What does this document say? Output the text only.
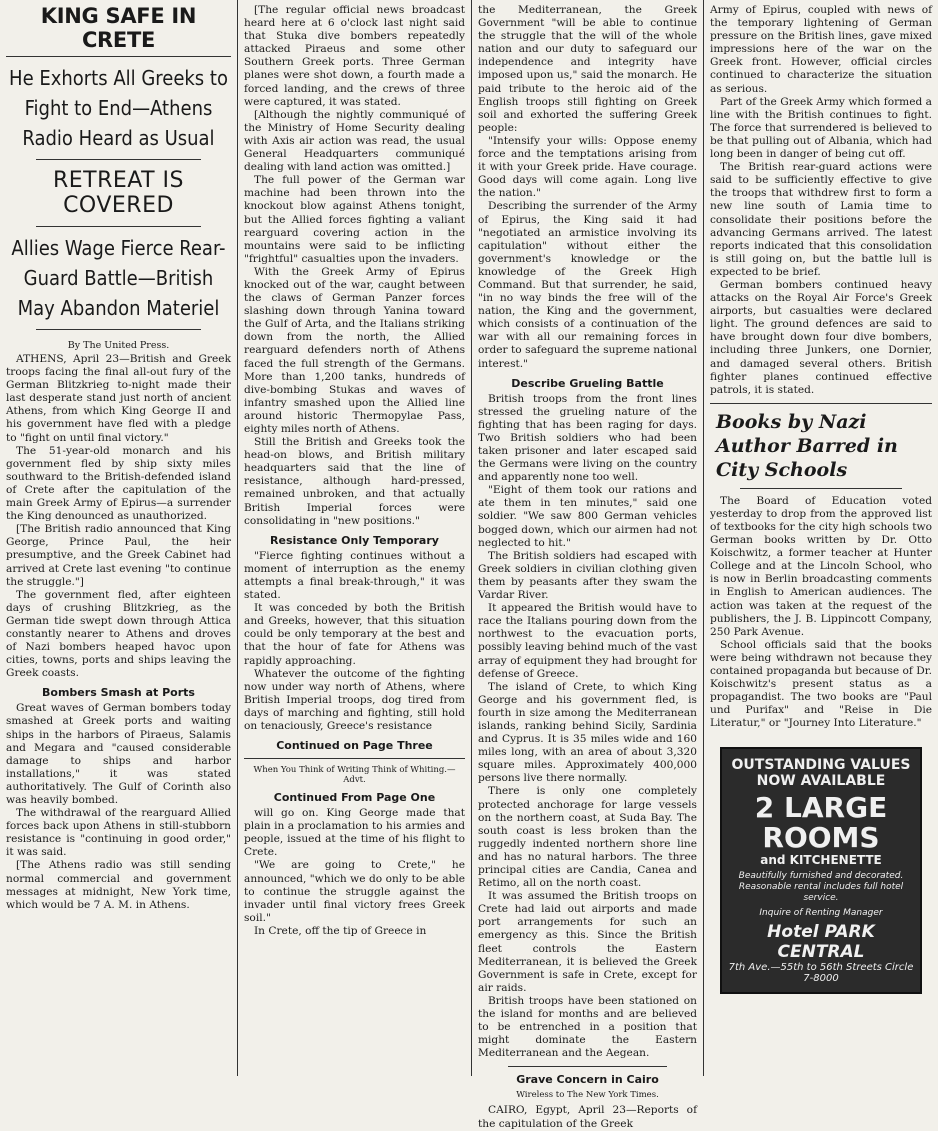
KING SAFE IN CRETE
He Exhorts All Greeks to Fight to End—Athens Radio Heard as Usual
RETREAT IS COVERED
Allies Wage Fierce Rear-Guard Battle—British May Abandon Materiel
By The United Press.

ATHENS, April 23—British and Greek troops facing the final all-out fury of the German Blitzkrieg to-night made their last desperate stand just north of ancient Athens, from which King George II and his government have fled with a pledge to "fight on until final victory."

The 51-year-old monarch and his government fled by ship sixty miles southward to the British-defended island of Crete after the capitulation of the main Greek Army of Epirus—a surrender the King denounced as unauthorized.

[The British radio announced that King George, Prince Paul, the heir presumptive, and the Greek Cabinet had arrived at Crete last evening "to continue the struggle."]

The government fled, after eighteen days of crushing Blitzkrieg, as the German tide swept down through Attica constantly nearer to Athens and droves of Nazi bombers heaped havoc upon cities, towns, ports and ships leaving the Greek coasts.

Bombers Smash at Ports

Great waves of German bombers today smashed at Greek ports and waiting ships in the harbors of Piraeus, Salamis and Megara and "caused considerable damage to ships and harbor installations," it was stated authoritatively. The Gulf of Corinth also was heavily bombed.

The withdrawal of the rearguard Allied forces back upon Athens in still-stubborn resistance is "continuing in good order," it was said.

[The Athens radio was still sending normal commercial and government messages at midnight, New York time, which would be 7 A. M. in Athens.

[The regular official news broadcast heard here at 6 o'clock last night said that Stuka dive bombers repeatedly attacked Piraeus and some other Southern Greek ports. Three German planes were shot down, a fourth made a forced landing, and the crews of three were captured, it was stated.

[Although the nightly communiqué of the Ministry of Home Security dealing with Axis air action was read, the usual General Headquarters communiqué dealing with land action was omitted.]

The full power of the German war machine had been thrown into the knockout blow against Athens tonight, but the Allied forces fighting a valiant rearguard covering action in the mountains were said to be inflicting "frightful" casualties upon the invaders.

With the Greek Army of Epirus knocked out of the war, caught between the claws of German Panzer forces slashing down through Yanina toward the Gulf of Arta, and the Italians striking down from the north, the Allied rearguard defenders north of Athens faced the full strength of the Germans. More than 1,200 tanks, hundreds of dive-bombing Stukas and waves of infantry smashed upon the Allied line around historic Thermopylae Pass, eighty miles north of Athens.

Still the British and Greeks took the head-on blows, and British military headquarters said that the line of resistance, although hard-pressed, remained unbroken, and that actually British Imperial forces were consolidating in "new positions."

Resistance Only Temporary

"Fierce fighting continues without a moment of interruption as the enemy attempts a final break-through," it was stated.

It was conceded by both the British and Greeks, however, that this situation could be only temporary at the best and that the hour of fate for Athens was rapidly approaching.

Whatever the outcome of the fighting now under way north of Athens, where British Imperial troops, dog tired from days of marching and fighting, still hold on tenaciously, Greece's resistance

Continued on Page Three
When You Think of Writing Think of Whiting.—Advt.
Continued From Page One

will go on. King George made that plain in a proclamation to his armies and people, issued at the time of his flight to Crete.

"We are going to Crete," he announced, "which we do only to be able to continue the struggle against the invader until final victory frees Greek soil."

In Crete, off the tip of Greece in

the Mediterranean, the Greek Government "will be able to continue the struggle that the will of the whole nation and our duty to safeguard our independence and integrity have imposed upon us," said the monarch. He paid tribute to the heroic aid of the English troops still fighting on Greek soil and exhorted the suffering Greek people:

"Intensify your wills: Oppose enemy force and the temptations arising from it with your Greek pride. Have courage. Good days will come again. Long live the nation."

Describing the surrender of the Army of Epirus, the King said it had "negotiated an armistice involving its capitulation" without either the government's knowledge or the knowledge of the Greek High Command. But that surrender, he said, "in no way binds the free will of the nation, the King and the government, which consists of a continuation of the war with all our remaining forces in order to safeguard the supreme national interest."

Describe Grueling Battle

British troops from the front lines stressed the grueling nature of the fighting that has been raging for days. Two British soldiers who had been taken prisoner and later escaped said the Germans were living on the country and apparently none too well.

"Eight of them took our rations and ate them in ten minutes," said one soldier. "We saw 800 German vehicles bogged down, which our airmen had not neglected to hit."

The British soldiers had escaped with Greek soldiers in civilian clothing given them by peasants after they swam the Vardar River.

It appeared the British would have to race the Italians pouring down from the northwest to the evacuation ports, possibly leaving behind much of the vast array of equipment they had brought for defense of Greece.

The island of Crete, to which King George and his government fled, is fourth in size among the Mediterranean islands, ranking behind Sicily, Sardinia and Cyprus. It is 35 miles wide and 160 miles long, with an area of about 3,320 square miles. Approximately 400,000 persons live there normally.

There is only one completely protected anchorage for large vessels on the northern coast, at Suda Bay. The south coast is less broken than the ruggedly indented northern shore line and has no natural harbors. The three principal cities are Candia, Canea and Retimo, all on the north coast.

It was assumed the British troops on Crete had laid out airports and made port arrangements for such an emergency as this. Since the British fleet controls the Eastern Mediterranean, it is believed the Greek Government is safe in Crete, except for air raids.

British troops have been stationed on the island for months and are believed to be entrenched in a position that might dominate the Eastern Mediterranean and the Aegean.

Grave Concern in Cairo
Wireless to The New York Times.

CAIRO, Egypt, April 23—Reports of the capitulation of the Greek

Army of Epirus, coupled with news of the temporary lightening of German pressure on the British lines, gave mixed impressions here of the war on the Greek front. However, official circles continued to characterize the situation as serious.

Part of the Greek Army which formed a line with the British continues to fight. The force that surrendered is believed to be that pulling out of Albania, which had long been in danger of being cut off.

The British rear-guard actions were said to be sufficiently effective to give the troops that withdrew first to form a new line south of Lamia time to consolidate their positions before the advancing Germans arrived. The latest reports indicated that this consolidation is still going on, but the battle lull is expected to be brief.

German bombers continued heavy attacks on the Royal Air Force's Greek airports, but casualties were declared light. The ground defences are said to have brought down four dive bombers, including three Junkers, one Dornier, and damaged several others. British fighter planes continued effective patrols, it is stated.

Books by Nazi Author Barred in City Schools

The Board of Education voted yesterday to drop from the approved list of textbooks for the city high schools two German books written by Dr. Otto Koischwitz, a former teacher at Hunter College and at the Lincoln School, who is now in Berlin broadcasting comments in English to American audiences. The action was taken at the request of the publishers, the J. B. Lippincott Company, 250 Park Avenue.

School officials said that the books were being withdrawn not because they contained propaganda but because of Dr. Koischwitz's present status as a propagandist. The two books are "Paul und Purifax" and "Reise in Die Literatur," or "Journey Into Literature."

OUTSTANDING VALUES
NOW AVAILABLE
2 LARGE ROOMS
and KITCHENETTE
Beautifully furnished and decorated. Reasonable rental includes full hotel service.
Inquire of Renting Manager
Hotel PARK CENTRAL
7th Ave.—55th to 56th Streets Circle 7-8000
